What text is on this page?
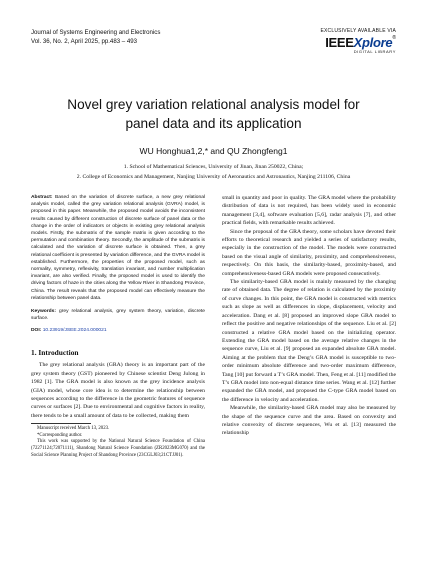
Journal of Systems Engineering and Electronics
Vol. 36, No. 2, April 2025, pp.483 – 493
EXCLUSIVELY AVAILABLE VIA
IEEE Xplore ®
DIGITAL LIBRARY
Novel grey variation relational analysis model for
panel data and its application
WU Honghua1,2,* and QU Zhongfeng1
1. School of Mathematical Sciences, University of Jinan, Jinan 250022, China;
2. College of Economics and Management, Nanjing University of Aeronautics and Astronautics, Nanjing 211106, China

Abstract: Based on the variation of discrete surface, a new grey relational analysis model, called the grey variation relational analysis (GVRA) model, is proposed in this paper. Meanwhile, the proposed model avoids the inconsistent results caused by different construction of discrete surface of panel data or the change in the order of indicators or objects in existing grey relational analysis models. Firstly, the submatrix of the sample matrix is given according to the permutation and combination theory. Secondly, the amplitude of the submatrix is calculated and the variation of discrete surface is obtained. Then, a grey relational coefficient is presented by variation difference, and the GVRA model is established. Furthermore, the properties of the proposed model, such as normality, symmetry, reflexivity, translation invariant, and number multiplication invariant, are also verified. Finally, the proposed model is used to identify the driving factors of haze in the cities along the Yellow River in Shandong Province, China. The result reveals that the proposed model can effectively measure the relationship between panel data.

Keywords: grey relational analysis, grey system theory, variation, discrete surface.

DOI: 10.23919/JSEE.2024.000021

1. Introduction

The grey relational analysis (GRA) theory is an important part of the grey system theory (GST) pioneered by Chinese scientist Deng Julong in 1982 [1]. The GRA model is also known as the grey incidence analysis (GIA) model, whose core idea is to determine the relationship between sequences according to the difference in the geometric features of sequence curves or surfaces [2]. Due to environmental and cognitive factors in reality, there tends to be a small amount of data to be collected, making them

Manuscript received March 13, 2023.

*Corresponding author.

This work was supported by the National Natural Science Foundation of China (72271124;72071111), Shandong Natural Science Foundation (ZR2023MG070) and the Social Science Planning Project of Shandong Province (23CGLJ03;21CTJJ01).

small in quantity and poor in quality. The GRA model where the probability distribution of data is not required, has been widely used in economic management [3,4], software evaluation [5,6], radar analysis [7], and other practical fields, with remarkable results achieved.

Since the proposal of the GRA theory, some scholars have devoted their efforts to theoretical research and yielded a series of satisfactory results, especially in the construction of the model. The models were constructed based on the visual angle of similarity, proximity, and comprehensiveness, respectively. On this basis, the similarity-based, proximity-based, and comprehensiveness-based GRA models were proposed consecutively.

The similarity-based GRA model is mainly measured by the changing rate of obtained data. The degree of relation is calculated by the proximity of curve changes. In this point, the GRA model is constructed with metrics such as slope as well as differences in slope, displacement, velocity and acceleration. Dang et al. [8] proposed an improved slope GRA model to reflect the positive and negative relationships of the sequence. Liu et al. [2] constructed a relative GRA model based on the initializing operator. Extending the GRA model based on the average relative changes in the sequence curve, Liu et al. [9] proposed an expanded absolute GRA model. Aiming at the problem that the Deng’s GRA model is susceptible to two-order minimum absolute difference and two-order maximum difference, Tang [10] put forward a T’s GRA model. Then, Feng et al. [11] modified the T’s GRA model into non-equal distance time series. Wang et al. [12] further expanded the GRA model, and proposed the C-type GRA model based on the difference in velocity and acceleration.

Meanwhile, the similarity-based GRA model may also be measured by the shape of the sequence curve and the area. Based on convexity and relative convexity of discrete sequences, Wu et al. [13] measured the relationship
